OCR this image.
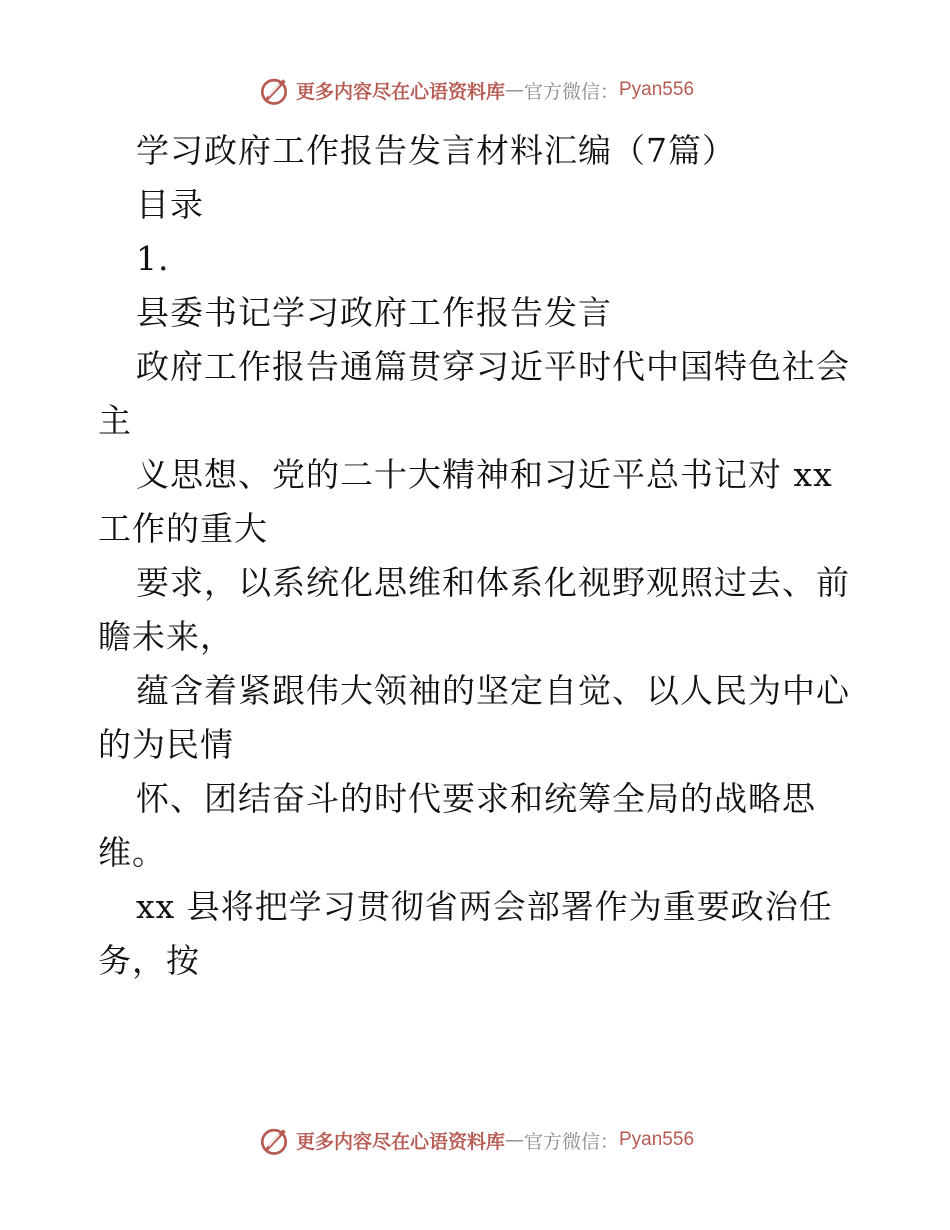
更多内容尽在心语资料库 — 官方微信： Pyan556
学习政府工作报告发言材料汇编（7篇）
目录
1.
县委书记学习政府工作报告发言
政府工作报告通篇贯穿习近平时代中国特色社会
主
义思想、党的二十大精神和习近平总书记对 xx
工作的重大
要求，以系统化思维和体系化视野观照过去、前
瞻未来，
蕴含着紧跟伟大领袖的坚定自觉、以人民为中心
的为民情
怀、团结奋斗的时代要求和统筹全局的战略思
维。
xx 县将把学习贯彻省两会部署作为重要政治任
务，按
更多内容尽在心语资料库 — 官方微信： Pyan556
